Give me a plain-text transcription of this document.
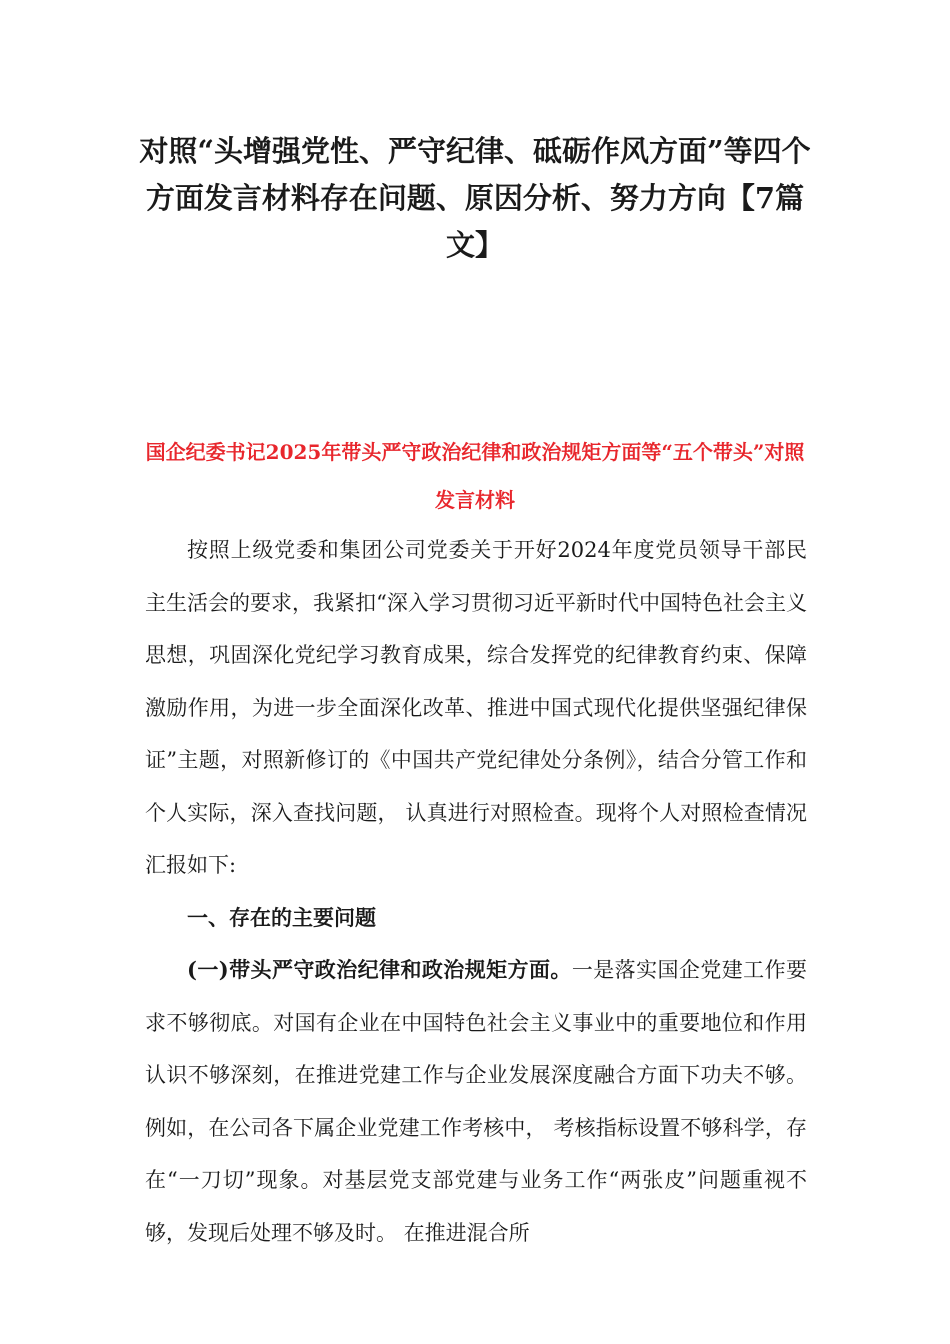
对照“头增强党性、严守纪律、砥砺作风方面”等四个方面发言材料存在问题、原因分析、努力方向【7篇文】
国企纪委书记2025年带头严守政治纪律和政治规矩方面等“五个带头”对照发言材料

按照上级党委和集团公司党委关于开好2024年度党员领导干部民主生活会的要求，我紧扣“深入学习贯彻习近平新时代中国特色社会主义思想，巩固深化党纪学习教育成果，综合发挥党的纪律教育约束、保障激励作用，为进一步全面深化改革、推进中国式现代化提供坚强纪律保证”主题，对照新修订的《中国共产党纪律处分条例》，结合分管工作和个人实际，深入查找问题， 认真进行对照检查。现将个人对照检查情况汇报如下:

一、存在的主要问题

(一)带头严守政治纪律和政治规矩方面。一是落实国企党建工作要求不够彻底。对国有企业在中国特色社会主义事业中的重要地位和作用认识不够深刻，在推进党建工作与企业发展深度融合方面下功夫不够。例如，在公司各下属企业党建工作考核中， 考核指标设置不够科学，存在“一刀切”现象。对基层党支部党建与业务工作“两张皮”问题重视不够，发现后处理不够及时。 在推进混合所
